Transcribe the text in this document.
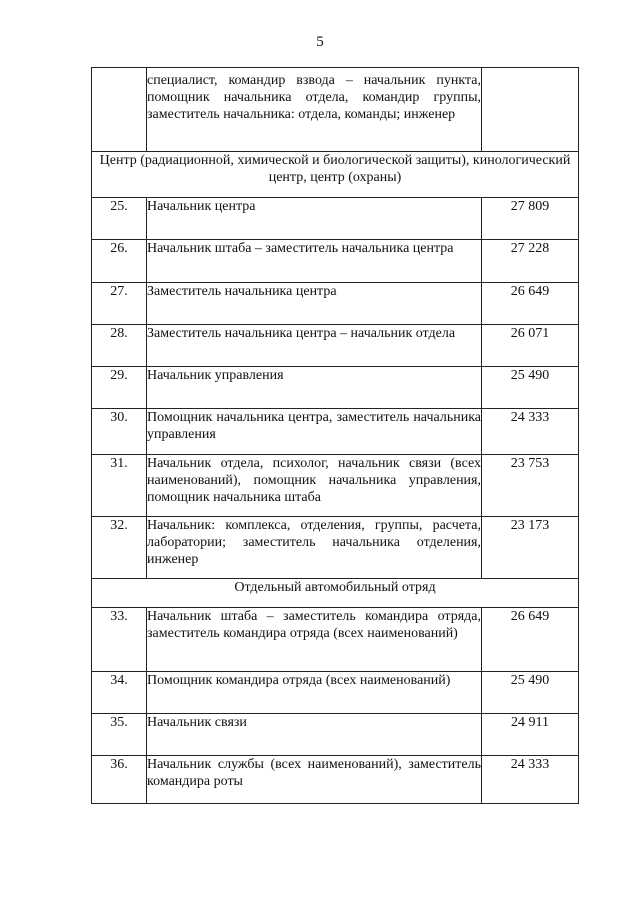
5
	специалист, командир взвода – начальник пункта, помощник начальника отдела, командир группы, заместитель начальника: отдела, команды; инженер	
Центр (радиационной, химической и биологической защиты), кинологический центр, центр (охраны)		
25.	Начальник центра	27 809
26.	Начальник штаба – заместитель начальника центра	27 228
27.	Заместитель начальника центра	26 649
28.	Заместитель начальника центра – начальник отдела	26 071
29.	Начальник управления	25 490
30.	Помощник начальника центра, заместитель начальника управления	24 333
31.	Начальник отдела, психолог, начальник связи (всех наименований), помощник начальника управления, помощник начальника штаба	23 753
32.	Начальник: комплекса, отделения, группы, расчета, лаборатории; заместитель начальника отделения, инженер	23 173
Отдельный автомобильный отряд		
33.	Начальник штаба – заместитель командира отряда, заместитель командира отряда (всех наименований)	26 649
34.	Помощник командира отряда (всех наименований)	25 490
35.	Начальник связи	24 911
36.	Начальник службы (всех наименований), заместитель командира роты	24 333
